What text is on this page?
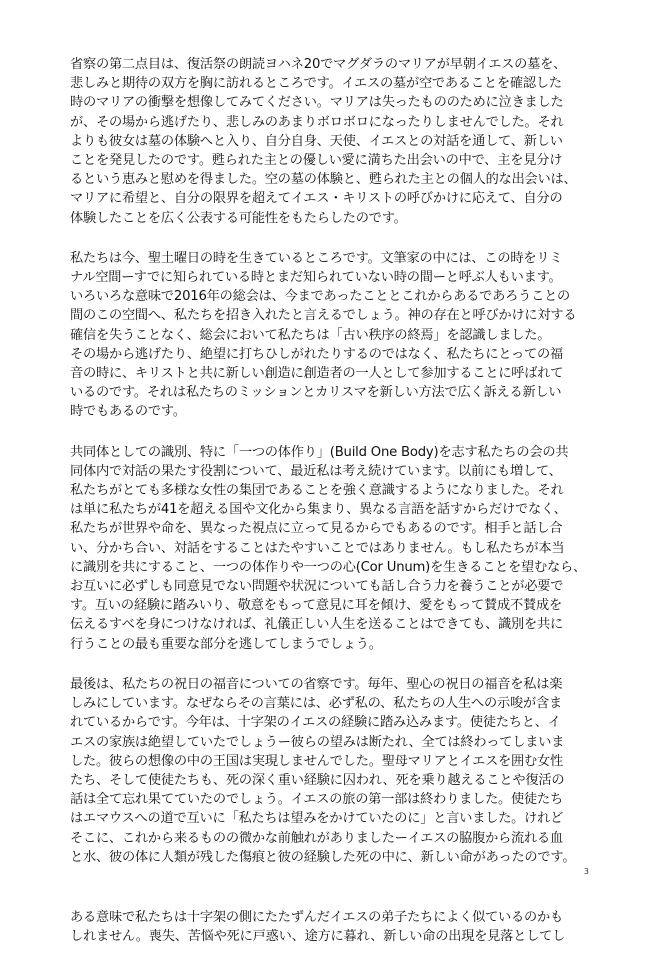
省察の第二点目は、復活祭の朗読ヨハネ20でマグダラのマリアが早朝イエスの墓を、
悲しみと期待の双方を胸に訪れるところです。イエスの墓が空であることを確認した
時のマリアの衝撃を想像してみてください。マリアは失ったもののために泣きました
が、その場から逃げたり、悲しみのあまりボロボロになったりしませんでした。それ
よりも彼女は墓の体験へと入り、自分自身、天使、イエスとの対話を通して、新しい
ことを発見したのです。甦られた主との優しい愛に満ちた出会いの中で、主を見分け
るという恵みと慰めを得ました。空の墓の体験と、甦られた主との個人的な出会いは、
マリアに希望と、自分の限界を超えてイエス・キリストの呼びかけに応えて、自分の
体験したことを広く公表する可能性をもたらしたのです。
私たちは今、聖土曜日の時を生きているところです。文筆家の中には、この時をリミ
ナル空間ーすでに知られている時とまだ知られていない時の間ーと呼ぶ人もいます。
いろいろな意味で2016年の総会は、今まであったこととこれからあるであろうことの
間のこの空間へ、私たちを招き入れたと言えるでしょう。神の存在と呼びかけに対する
確信を失うことなく、総会において私たちは「古い秩序の終焉」を認識しました。
その場から逃げたり、絶望に打ちひしがれたりするのではなく、私たちにとっての福
音の時に、キリストと共に新しい創造に創造者の一人として参加することに呼ばれて
いるのです。それは私たちのミッションとカリスマを新しい方法で広く訴える新しい
時でもあるのです。
共同体としての識別、特に「一つの体作り」(Build One Body)を志す私たちの会の共
同体内で対話の果たす役割について、最近私は考え続けています。以前にも増して、
私たちがとても多様な女性の集団であることを強く意識するようになりました。それ
は単に私たちが41を超える国や文化から集まり、異なる言語を話すからだけでなく、
私たちが世界や命を、異なった視点に立って見るからでもあるのです。相手と話し合
い、分かち合い、対話をすることはたやすいことではありません。もし私たちが本当
に識別を共にすること、一つの体作りや一つの心(Cor Unum)を生きることを望むなら、
お互いに必ずしも同意見でない問題や状況についても話し合う力を養うことが必要で
す。互いの経験に踏みいり、敬意をもって意見に耳を傾け、愛をもって賛成不賛成を
伝えるすべを身につけなければ、礼儀正しい人生を送ることはできても、識別を共に
行うことの最も重要な部分を逃してしまうでしょう。
最後は、私たちの祝日の福音についての省察です。毎年、聖心の祝日の福音を私は楽
しみにしています。なぜならその言葉には、必ず私の、私たちの人生への示唆が含ま
れているからです。今年は、十字架のイエスの経験に踏み込みます。使徒たちと、イ
エスの家族は絶望していたでしょうー彼らの望みは断たれ、全ては終わってしまいま
した。彼らの想像の中の王国は実現しませんでした。聖母マリアとイエスを囲む女性
たち、そして使徒たちも、死の深く重い経験に囚われ、死を乗り越えることや復活の
話は全て忘れ果てていたのでしょう。イエスの旅の第一部は終わりました。使徒たち
はエマウスへの道で互いに「私たちは望みをかけていたのに」と言いました。けれど
そこに、これから来るものの微かな前触れがありましたーイエスの脇腹から流れる血
と水、彼の体に人類が残した傷痕と彼の経験した死の中に、新しい命があったのです。
ある意味で私たちは十字架の側にたたずんだイエスの弟子たちによく似ているのかも
しれません。喪失、苦悩や死に戸惑い、途方に暮れ、新しい命の出現を見落としてし
3
